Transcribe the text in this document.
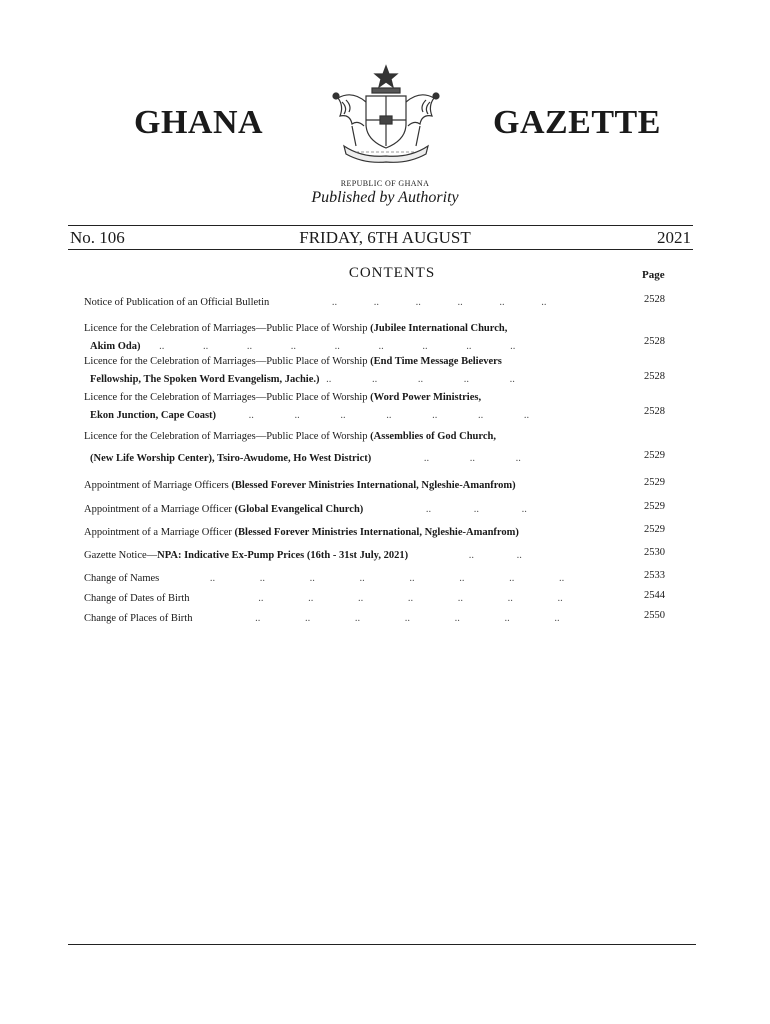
GHANA	GAZETTE
REPUBLIC OF GHANA
Published by Authority
No. 106	FRIDAY, 6TH AUGUST	2021
CONTENTS	Page
Notice of Publication of an Official Bulletin	.. .. .. .. .. ..	2528
Licence for the Celebration of Marriages—Public Place of Worship (Jubilee International Church,
Akim Oda) .. .. .. .. .. .. .. .. ..	2528
Licence for the Celebration of Marriages—Public Place of Worship (End Time Message Believers
Fellowship, The Spoken Word Evangelism, Jachie.) .. .. .. .. ..	2528
Licence for the Celebration of Marriages—Public Place of Worship (Word Power Ministries,
Ekon Junction, Cape Coast)	.. .. .. .. .. .. ..	2528
Licence for the Celebration of Marriages—Public Place of Worship (Assemblies of God Church,
(New Life Worship Center), Tsiro-Awudome, Ho West District)	.. .. ..	2529
Appointment of Marriage Officers (Blessed Forever Ministries International, Ngleshie-Amanfrom)	2529
Appointment of a Marriage Officer (Global Evangelical Church)	.. .. ..	2529
Appointment of a Marriage Officer (Blessed Forever Ministries International, Ngleshie-Amanfrom)	2529
Gazette Notice—NPA: Indicative Ex-Pump Prices (16th - 31st July, 2021)	.. ..	2530
Change of Names	.. .. .. .. .. .. .. ..	2533
Change of Dates of Birth	.. .. .. .. .. .. ..	2544
Change of Places of Birth	.. .. .. .. .. .. ..	2550
